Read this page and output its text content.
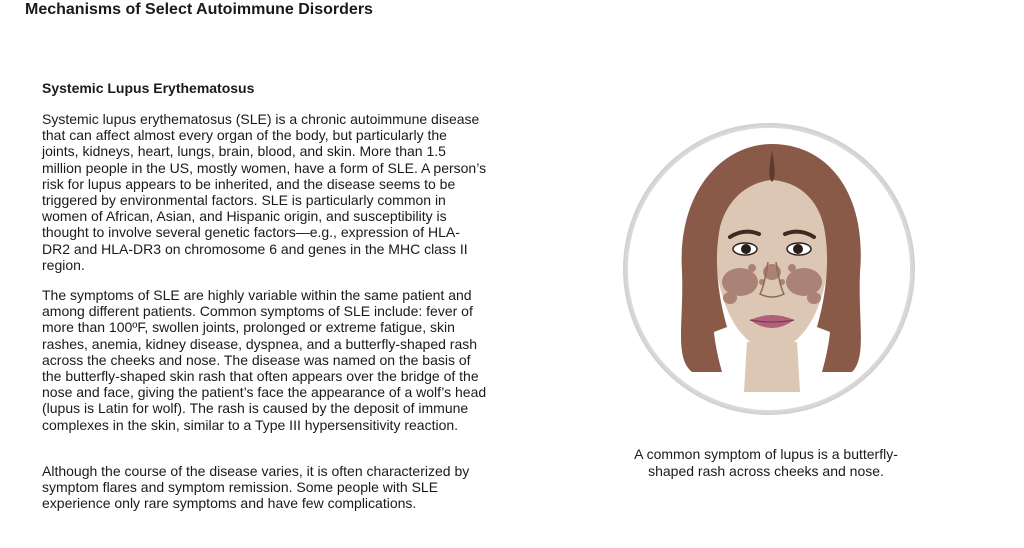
Mechanisms of Select Autoimmune Disorders
Systemic Lupus Erythematosus

Systemic lupus erythematosus (SLE) is a chronic autoimmune disease that can affect almost every organ of the body, but particularly the joints, kidneys, heart, lungs, brain, blood, and skin. More than 1.5 million people in the US, mostly women, have a form of SLE. A person’s risk for lupus appears to be inherited, and the disease seems to be triggered by environmental factors. SLE is particularly common in women of African, Asian, and Hispanic origin, and susceptibility is thought to involve several genetic factors—e.g., expression of HLA-DR2 and HLA-DR3 on chromosome 6 and genes in the MHC class II region.

The symptoms of SLE are highly variable within the same patient and among different patients. Common symptoms of SLE include: fever of more than 100ºF, swollen joints, prolonged or extreme fatigue, skin rashes, anemia, kidney disease, dyspnea, and a butterfly-shaped rash across the cheeks and nose. The disease was named on the basis of the butterfly-shaped skin rash that often appears over the bridge of the nose and face, giving the patient’s face the appearance of a wolf’s head (lupus is Latin for wolf). The rash is caused by the deposit of immune complexes in the skin, similar to a Type III hypersensitivity reaction.

Although the course of the disease varies, it is often characterized by symptom flares and symptom remission. Some people with SLE experience only rare symptoms and have few complications.

A common symptom of lupus is a butterfly-shaped rash across cheeks and nose.
